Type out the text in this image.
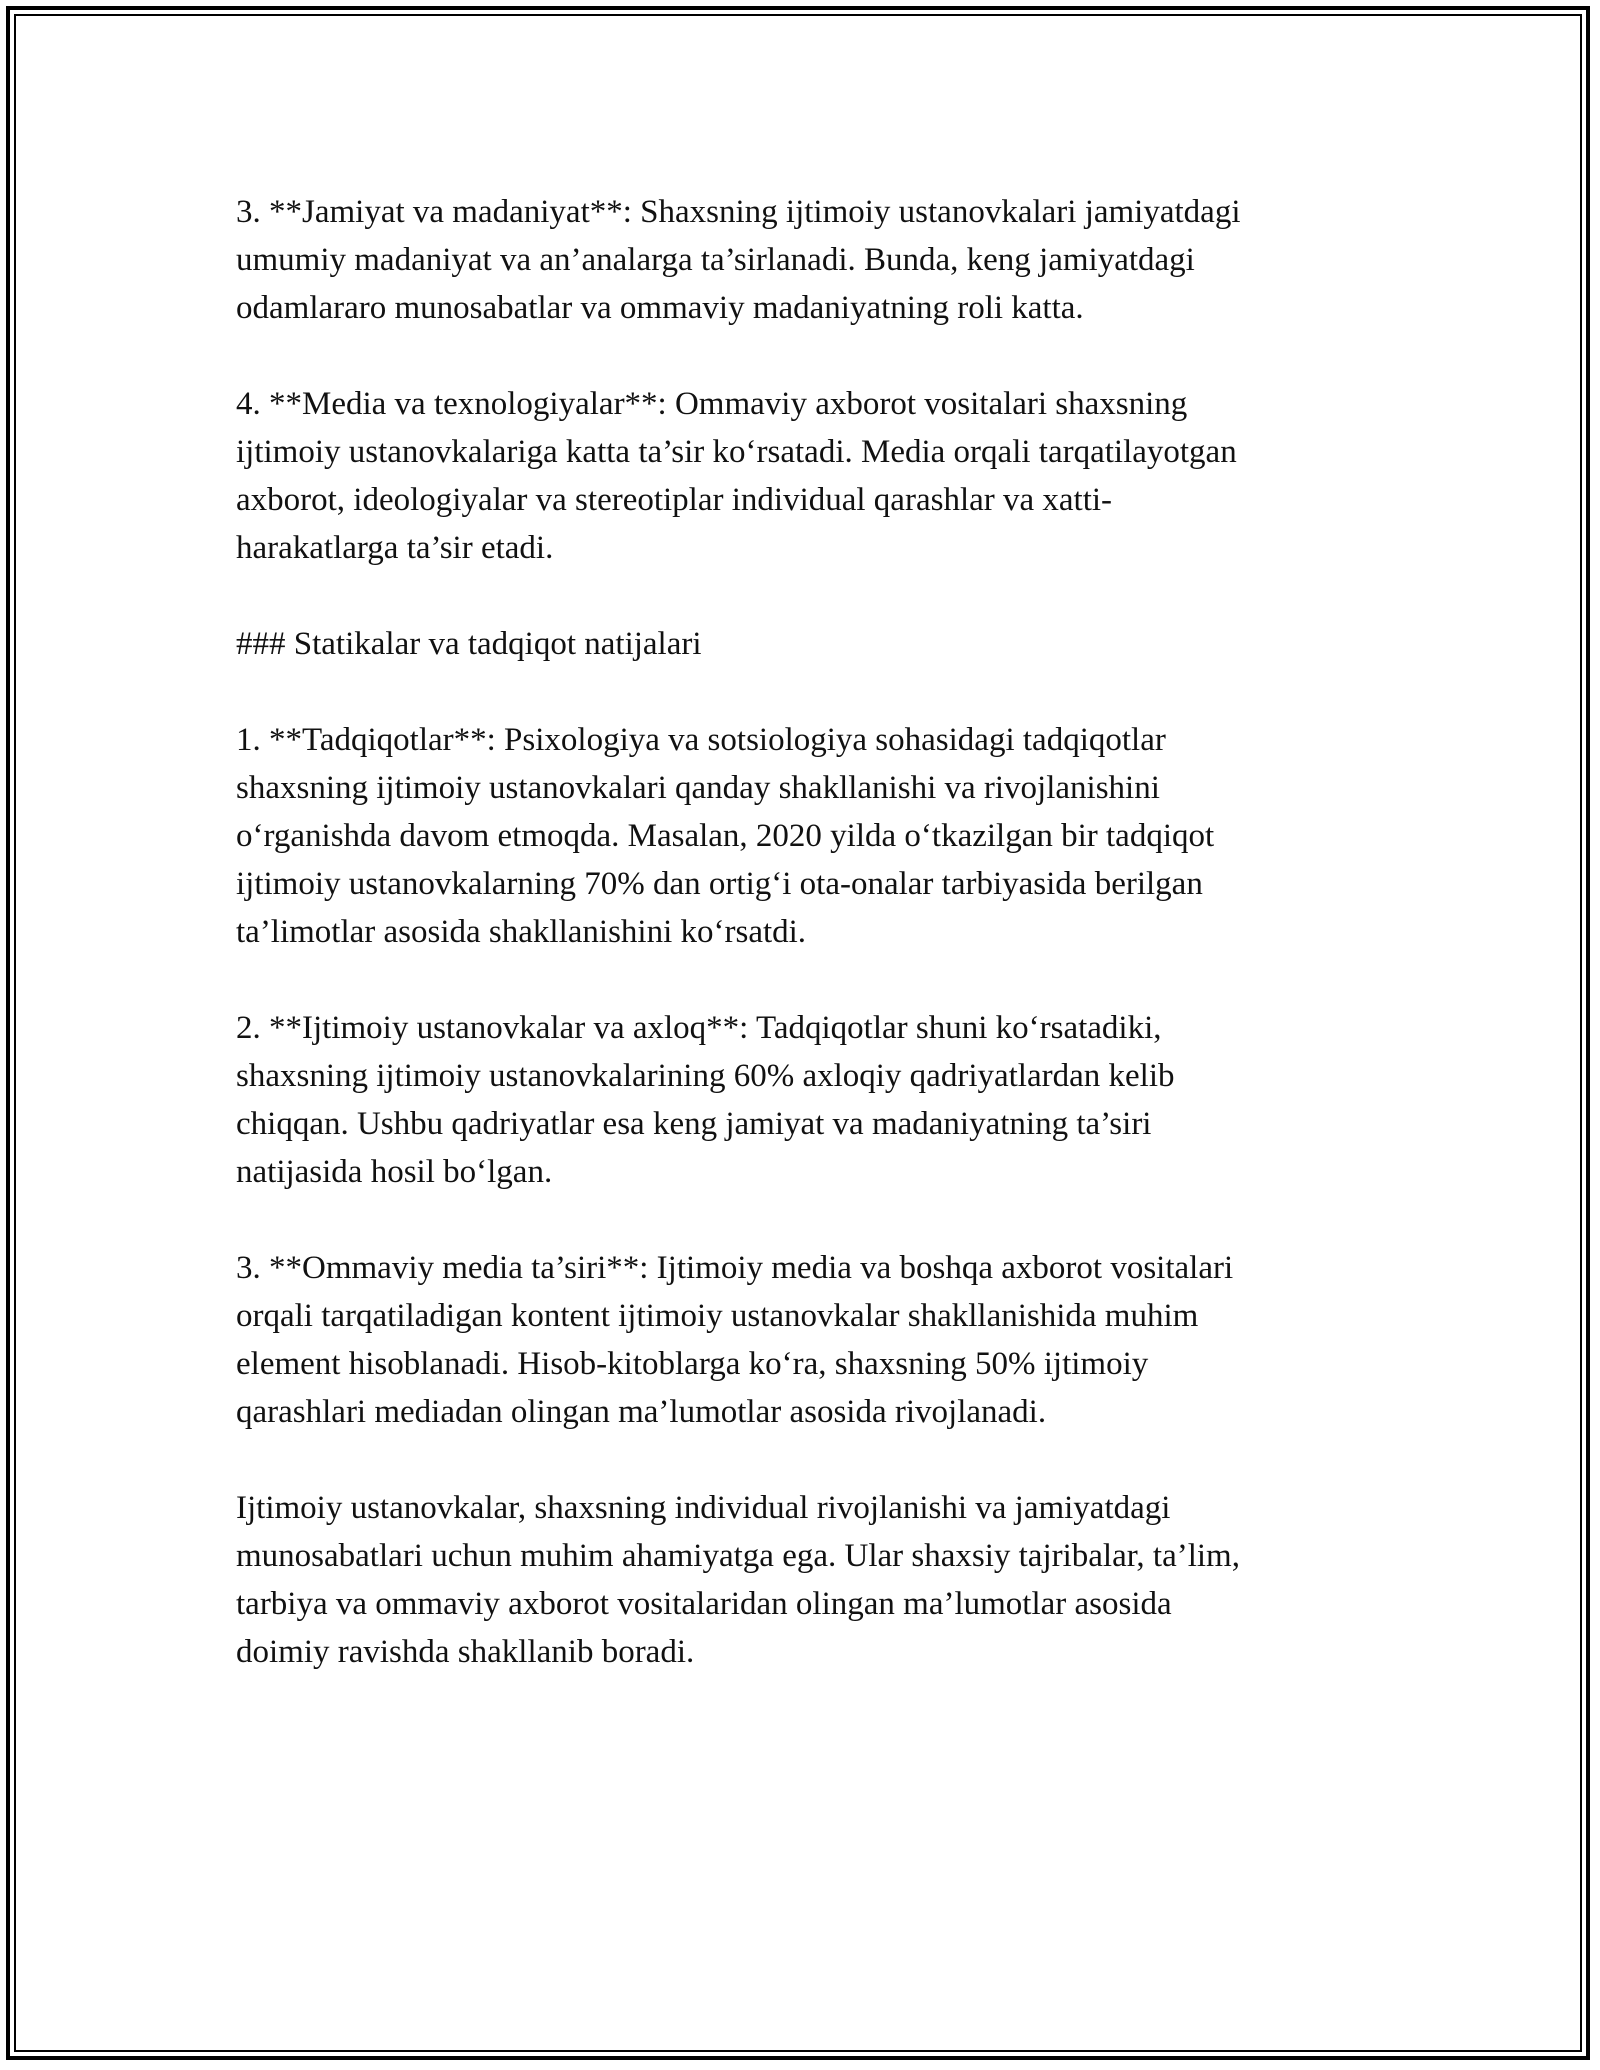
3. **Jamiyat va madaniyat**: Shaxsning ijtimoiy ustanovkalari jamiyatdagi
umumiy madaniyat va an’analarga ta’sirlanadi. Bunda, keng jamiyatdagi
odamlararo munosabatlar va ommaviy madaniyatning roli katta.

4. **Media va texnologiyalar**: Ommaviy axborot vositalari shaxsning
ijtimoiy ustanovkalariga katta ta’sir ko‘rsatadi. Media orqali tarqatilayotgan
axborot, ideologiyalar va stereotiplar individual qarashlar va xatti-
harakatlarga ta’sir etadi.

### Statikalar va tadqiqot natijalari

1. **Tadqiqotlar**: Psixologiya va sotsiologiya sohasidagi tadqiqotlar
shaxsning ijtimoiy ustanovkalari qanday shakllanishi va rivojlanishini
o‘rganishda davom etmoqda. Masalan, 2020 yilda o‘tkazilgan bir tadqiqot
ijtimoiy ustanovkalarning 70% dan ortig‘i ota-onalar tarbiyasida berilgan
ta’limotlar asosida shakllanishini ko‘rsatdi.

2. **Ijtimoiy ustanovkalar va axloq**: Tadqiqotlar shuni ko‘rsatadiki,
shaxsning ijtimoiy ustanovkalarining 60% axloqiy qadriyatlardan kelib
chiqqan. Ushbu qadriyatlar esa keng jamiyat va madaniyatning ta’siri
natijasida hosil bo‘lgan.

3. **Ommaviy media ta’siri**: Ijtimoiy media va boshqa axborot vositalari
orqali tarqatiladigan kontent ijtimoiy ustanovkalar shakllanishida muhim
element hisoblanadi. Hisob-kitoblarga ko‘ra, shaxsning 50% ijtimoiy
qarashlari mediadan olingan ma’lumotlar asosida rivojlanadi.

Ijtimoiy ustanovkalar, shaxsning individual rivojlanishi va jamiyatdagi
munosabatlari uchun muhim ahamiyatga ega. Ular shaxsiy tajribalar, ta’lim,
tarbiya va ommaviy axborot vositalaridan olingan ma’lumotlar asosida
doimiy ravishda shakllanib boradi.
